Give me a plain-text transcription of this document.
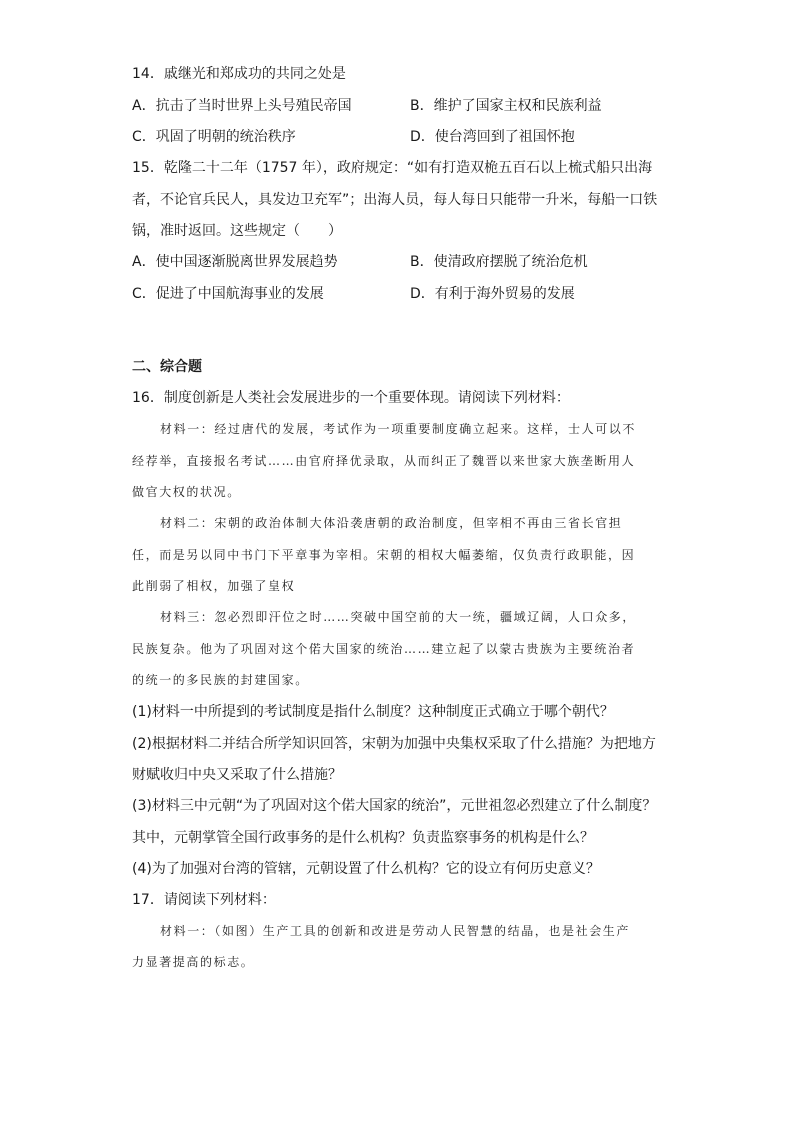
14．戚继光和郑成功的共同之处是
A．抗击了当时世界上头号殖民帝国	B．维护了国家主权和民族利益
C．巩固了明朝的统治秩序	D．使台湾回到了祖国怀抱
15．乾隆二十二年（1757 年），政府规定：“如有打造双桅五百石以上梳式船只出海
者，不论官兵民人，具发边卫充军”；出海人员，每人每日只能带一升米，每船一口铁
锅，准时返回。这些规定（　　）
A．使中国逐渐脱离世界发展趋势	B．使清政府摆脱了统治危机
C．促进了中国航海事业的发展	D．有利于海外贸易的发展
二、综合题
16．制度创新是人类社会发展进步的一个重要体现。请阅读下列材料：
材料一：经过唐代的发展，考试作为一项重要制度确立起来。这样，士人可以不
经荐举，直接报名考试……由官府择优录取，从而纠正了魏晋以来世家大族垄断用人
做官大权的状况。
材料二：宋朝的政治体制大体沿袭唐朝的政治制度，但宰相不再由三省长官担
任，而是另以同中书门下平章事为宰相。宋朝的相权大幅萎缩，仅负责行政职能，因
此削弱了相权，加强了皇权
材料三：忽必烈即汗位之时……突破中国空前的大一统，疆域辽阔，人口众多，
民族复杂。他为了巩固对这个偌大国家的统治……建立起了以蒙古贵族为主要统治者
的统一的多民族的封建国家。
(1)材料一中所提到的考试制度是指什么制度？这种制度正式确立于哪个朝代？
(2)根据材料二并结合所学知识回答，宋朝为加强中央集权采取了什么措施？为把地方
财赋收归中央又采取了什么措施？
(3)材料三中元朝“为了巩固对这个偌大国家的统治”，元世祖忽必烈建立了什么制度？
其中，元朝掌管全国行政事务的是什么机构？负责监察事务的机构是什么？
(4)为了加强对台湾的管辖，元朝设置了什么机构？它的设立有何历史意义？
17．请阅读下列材料：
材料一：（如图）生产工具的创新和改进是劳动人民智慧的结晶，也是社会生产
力显著提高的标志。
